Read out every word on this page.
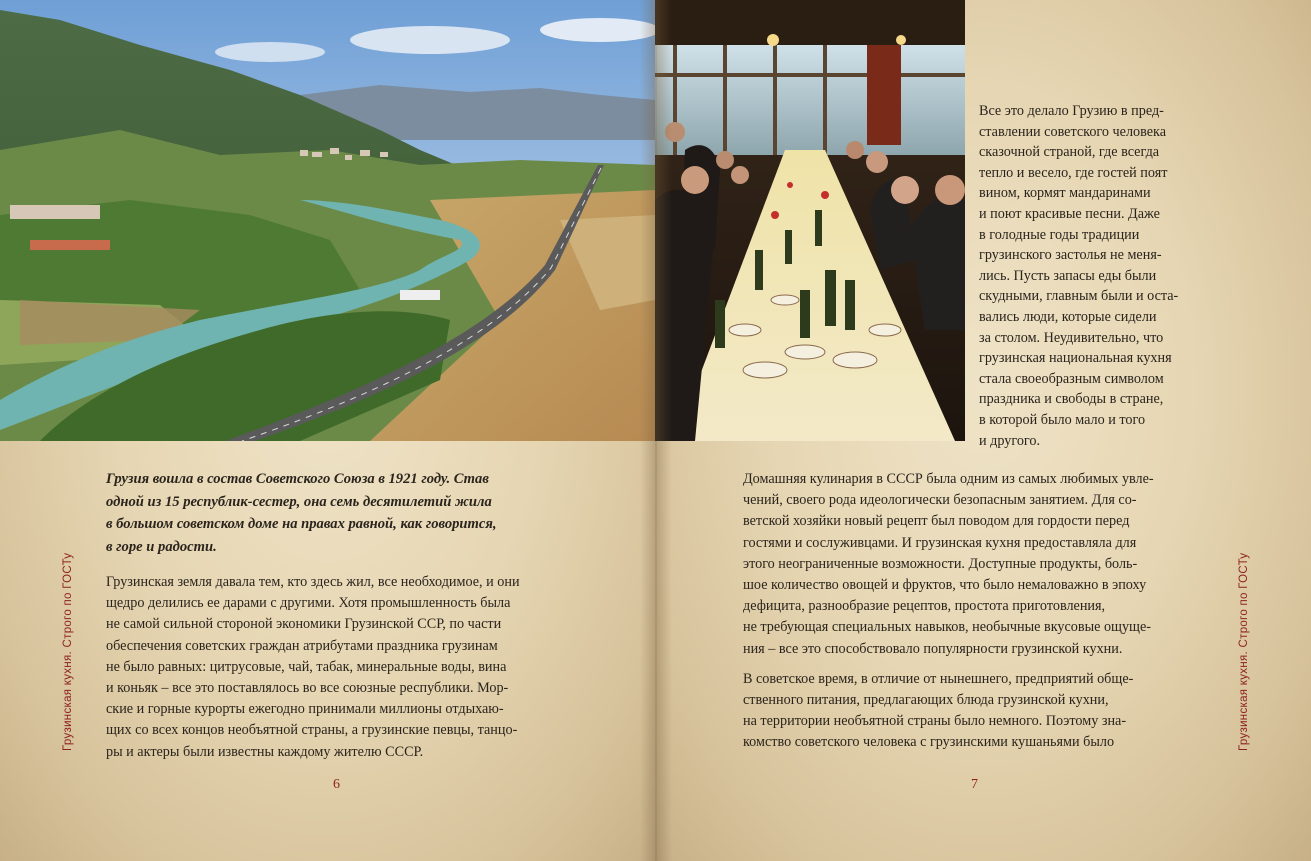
Грузинская кухня. Строго по ГОСТу

Грузия вошла в состав Советского Союза в 1921 году. Став

одной из 15 республик-сестер, она семь десятилетий жила

в большом советском доме на правах равной, как говорится,

в горе и радости.

Грузинская земля давала тем, кто здесь жил, все необходимое, и они

щедро делились ее дарами с другими. Хотя промышленность была

не самой сильной стороной экономики Грузинской ССР, по части

обеспечения советских граждан атрибутами праздника грузинам

не было равных: цитрусовые, чай, табак, минеральные воды, вина

и коньяк – все это поставлялось во все союзные республики. Мор-

ские и горные курорты ежегодно принимали миллионы отдыхаю-

щих со всех концов необъятной страны, а грузинские певцы, танцо-

ры и актеры были известны каждому жителю СССР.

6

Все это делало Грузию в пред-

ставлении советского человека

сказочной страной, где всегда

тепло и весело, где гостей поят

вином, кормят мандаринами

и поют красивые песни. Даже

в голодные годы традиции

грузинского застолья не меня-

лись. Пусть запасы еды были

скудными, главным были и оста-

вались люди, которые сидели

за столом. Неудивительно, что

грузинская национальная кухня

стала своеобразным символом

праздника и свободы в стране,

в которой было мало и того

и другого.

Домашняя кулинария в СССР была одним из самых любимых увле-
чений, своего рода идеологически безопасным занятием. Для со-
ветской хозяйки новый рецепт был поводом для гордости перед
гостями и сослуживцами. И грузинская кухня предоставляла для
этого неограниченные возможности. Доступные продукты, боль-
шое количество овощей и фруктов, что было немаловажно в эпоху
дефицита, разнообразие рецептов, простота приготовления,
не требующая специальных навыков, необычные вкусовые ощуще-
ния – все это способствовало популярности грузинской кухни.

В советское время, в отличие от нынешнего, предприятий обще-
ственного питания, предлагающих блюда грузинской кухни,
на территории необъятной страны было немного. Поэтому зна-
комство советского человека с грузинскими кушаньями было

7
Грузинская кухня. Строго по ГОСТу
